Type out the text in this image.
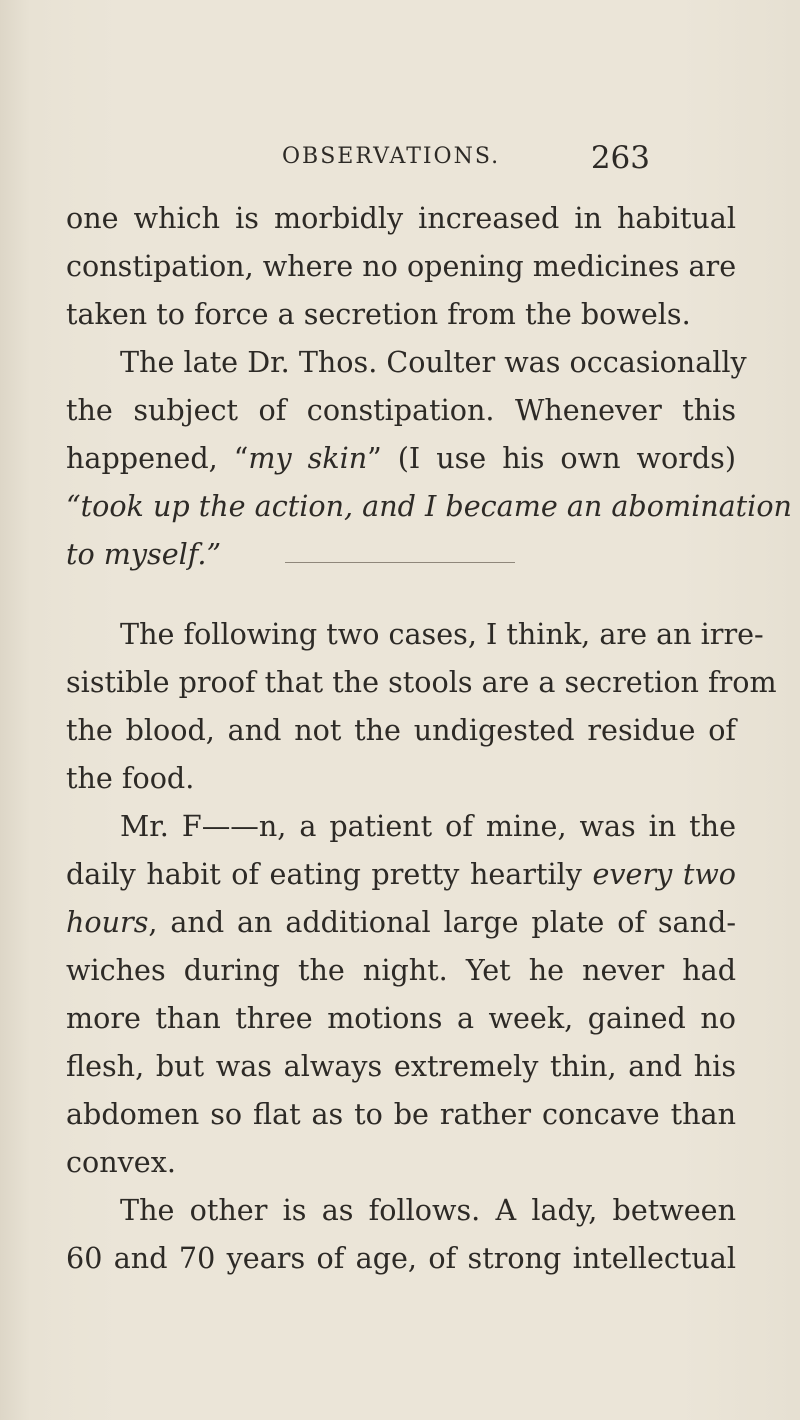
OBSERVATIONS.	263
one which is morbidly increased in habitual
constipation, where no opening medicines are
taken to force a secretion from the bowels.
The late Dr. Thos. Coulter was occasionally
the subject of constipation. Whenever this
happened, “my skin” (I use his own words)
“took up the action, and I became an abomination
to myself.”
The following two cases, I think, are an irre-
sistible proof that the stools are a secretion from
the blood, and not the undigested residue of
the food.
Mr. F——n, a patient of mine, was in the
daily habit of eating pretty heartily every two
hours, and an additional large plate of sand-
wiches during the night. Yet he never had
more than three motions a week, gained no
flesh, but was always extremely thin, and his
abdomen so flat as to be rather concave than
convex.
The other is as follows. A lady, between
60 and 70 years of age, of strong intellectual
